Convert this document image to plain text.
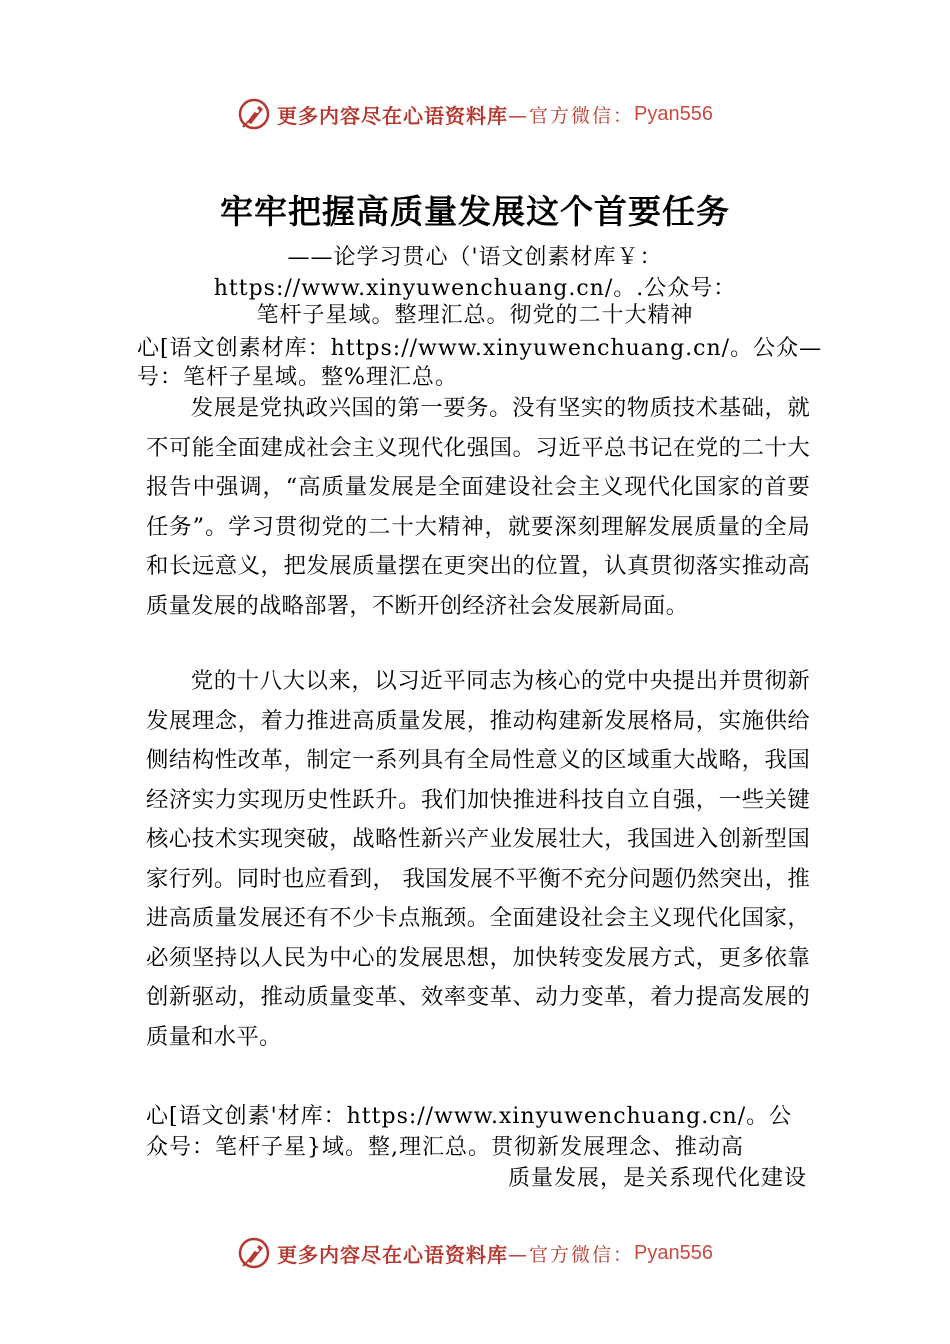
更多内容尽在心语资料库 —官方微信： Pyan556
牢牢把握高质量发展这个首要任务

——论学习贯心（'语文创素材库￥：

https://www.xinyuwenchuang.cn/。.公众号：

笔杆子星域。整理汇总。彻党的二十大精神

心[语文创素材库：https://www.xinyuwenchuang.cn/。公众—

号：笔杆子星域。整%理汇总。

发展是党执政兴国的第一要务。没有坚实的物质技术基础，就不可能全面建成社会主义现代化强国。习近平总书记在党的二十大报告中强调，“高质量发展是全面建设社会主义现代化国家的首要任务”。学习贯彻党的二十大精神，就要深刻理解发展质量的全局和长远意义，把发展质量摆在更突出的位置，认真贯彻落实推动高质量发展的战略部署，不断开创经济社会发展新局面。

党的十八大以来，以习近平同志为核心的党中央提出并贯彻新发展理念，着力推进高质量发展，推动构建新发展格局，实施供给侧结构性改革，制定一系列具有全局性意义的区域重大战略，我国经济实力实现历史性跃升。我们加快推进科技自立自强，一些关键核心技术实现突破，战略性新兴产业发展壮大，我国进入创新型国家行列。同时也应看到， 我国发展不平衡不充分问题仍然突出，推进高质量发展还有不少卡点瓶颈。全面建设社会主义现代化国家，必须坚持以人民为中心的发展思想，加快转变发展方式，更多依靠创新驱动，推动质量变革、效率变革、动力变革，着力提高发展的质量和水平。

心[语文创素'材库：https://www.xinyuwenchuang.cn/。公

众号：笔杆子星}域。整,理汇总。贯彻新发展理念、推动高

质量发展，是关系现代化建设

更多内容尽在心语资料库 —官方微信： Pyan556
